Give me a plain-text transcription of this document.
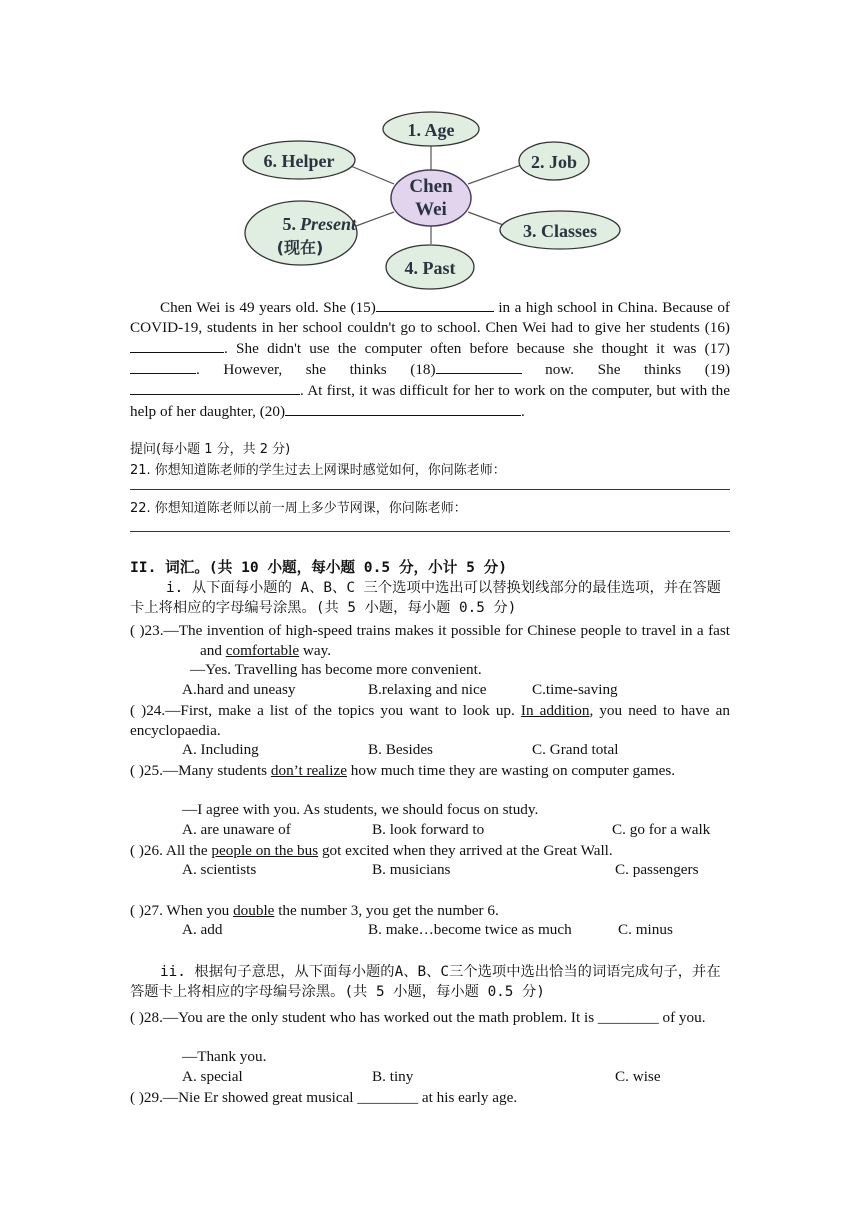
Chen
Wei
1. Age
2. Job
3. Classes
4. Past
5. Present
(现在)
6. Helper
Chen Wei is 49 years old. She (15)	in a high school in China. Because of COVID-19, students in her school couldn't go to school. Chen Wei had to give her students (16). She didn't use the computer often before because she thought it was (17). However, she thinks (18)	now. She thinks (19). At first, it was difficult for her to work on the computer, but with the help of her daughter, (20)	.
提问(每小题 1 分，共 2 分)
21. 你想知道陈老师的学生过去上网课时感觉如何，你问陈老师：
22. 你想知道陈老师以前一周上多少节网课，你问陈老师：
II. 词汇。(共 10 小题，每小题 0.5 分，小计 5 分)
i. 从下面每小题的 A、B、C 三个选项中选出可以替换划线部分的最佳选项，并在答题卡上将相应的字母编号涂黑。(共 5 小题，每小题 0.5 分)
( )23.—The invention of high-speed trains makes it possible for Chinese people to travel in a fast and comfortable way.
—Yes. Travelling has become more convenient.
A.hard and uneasy	B.relaxing and nice	C.time-saving
( )24.—First, make a list of the topics you want to look up. In addition, you need to have an encyclopaedia.
A. Including	B. Besides	C. Grand total
( )25.—Many students don’t realize how much time they are wasting on computer games.
—I agree with you. As students, we should focus on study.
A. are unaware of	B. look forward to	C. go for a walk
( )26. All the people on the bus got excited when they arrived at the Great Wall.
A. scientists	B. musicians	C. passengers
( )27. When you double the number 3, you get the number 6.
A. add	B. make…become twice as much	C. minus
ii. 根据句子意思，从下面每小题的A、B、C三个选项中选出恰当的词语完成句子，并在答题卡上将相应的字母编号涂黑。(共 5 小题，每小题 0.5 分)
( )28.—You are the only student who has worked out the math problem. It is ________ of you.
—Thank you.
A. special	B. tiny	C. wise
( )29.—Nie Er showed great musical ________ at his early age.
